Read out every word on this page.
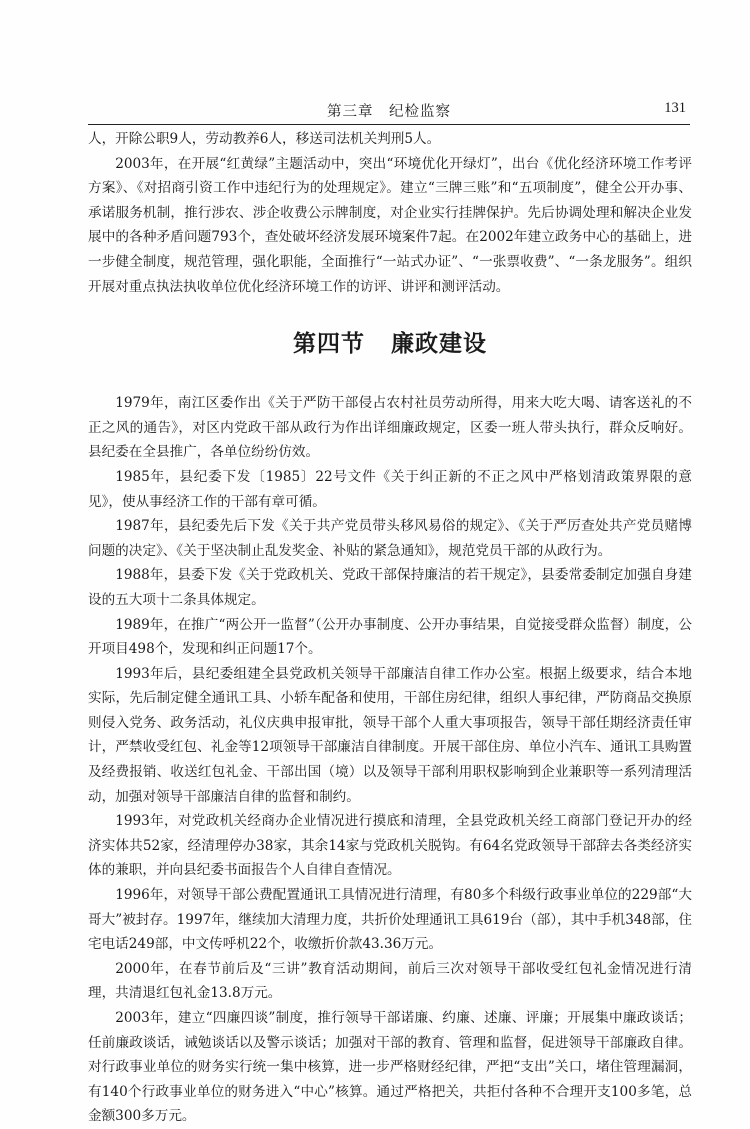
第三章　纪检监察	131

人，开除公职9人，劳动教养6人，移送司法机关判刑5人。

2003年，在开展“红黄绿”主题活动中，突出“环境优化开绿灯”，出台《优化经济环境工作考评方案》、《对招商引资工作中违纪行为的处理规定》。建立“三牌三账”和“五项制度”，健全公开办事、承诺服务机制，推行涉农、涉企收费公示牌制度，对企业实行挂牌保护。先后协调处理和解决企业发展中的各种矛盾问题793个，查处破坏经济发展环境案件7起。在2002年建立政务中心的基础上，进一步健全制度，规范管理，强化职能，全面推行“一站式办证”、“一张票收费”、“一条龙服务”。组织开展对重点执法执收单位优化经济环境工作的访评、讲评和测评活动。

第四节 廉政建设

1979年，南江区委作出《关于严防干部侵占农村社员劳动所得，用来大吃大喝、请客送礼的不正之风的通告》，对区内党政干部从政行为作出详细廉政规定，区委一班人带头执行，群众反响好。县纪委在全县推广，各单位纷纷仿效。

1985年，县纪委下发〔1985〕22号文件《关于纠正新的不正之风中严格划清政策界限的意见》，使从事经济工作的干部有章可循。

1987年，县纪委先后下发《关于共产党员带头移风易俗的规定》、《关于严厉查处共产党员赌博问题的决定》、《关于坚决制止乱发奖金、补贴的紧急通知》，规范党员干部的从政行为。

1988年，县委下发《关于党政机关、党政干部保持廉洁的若干规定》，县委常委制定加强自身建设的五大项十二条具体规定。

1989年，在推广“两公开一监督”（公开办事制度、公开办事结果，自觉接受群众监督）制度，公开项目498个，发现和纠正问题17个。

1993年后，县纪委组建全县党政机关领导干部廉洁自律工作办公室。根据上级要求，结合本地实际，先后制定健全通讯工具、小轿车配备和使用，干部住房纪律，组织人事纪律，严防商品交换原则侵入党务、政务活动，礼仪庆典申报审批，领导干部个人重大事项报告，领导干部任期经济责任审计，严禁收受红包、礼金等12项领导干部廉洁自律制度。开展干部住房、单位小汽车、通讯工具购置及经费报销、收送红包礼金、干部出国（境）以及领导干部利用职权影响到企业兼职等一系列清理活动，加强对领导干部廉洁自律的监督和制约。

1993年，对党政机关经商办企业情况进行摸底和清理，全县党政机关经工商部门登记开办的经济实体共52家，经清理停办38家，其余14家与党政机关脱钩。有64名党政领导干部辞去各类经济实体的兼职，并向县纪委书面报告个人自律自查情况。

1996年，对领导干部公费配置通讯工具情况进行清理，有80多个科级行政事业单位的229部“大哥大”被封存。1997年，继续加大清理力度，共折价处理通讯工具619台（部），其中手机348部，住宅电话249部，中文传呼机22个，收缴折价款43.36万元。

2000年，在春节前后及“三讲”教育活动期间，前后三次对领导干部收受红包礼金情况进行清理，共清退红包礼金13.8万元。

2003年，建立“四廉四谈”制度，推行领导干部诺廉、约廉、述廉、评廉；开展集中廉政谈话；任前廉政谈话，诫勉谈话以及警示谈话；加强对干部的教育、管理和监督，促进领导干部廉政自律。对行政事业单位的财务实行统一集中核算，进一步严格财经纪律，严把“支出”关口，堵住管理漏洞，有140个行政事业单位的财务进入“中心”核算。通过严格把关，共拒付各种不合理开支100多笔，总金额300多万元。
